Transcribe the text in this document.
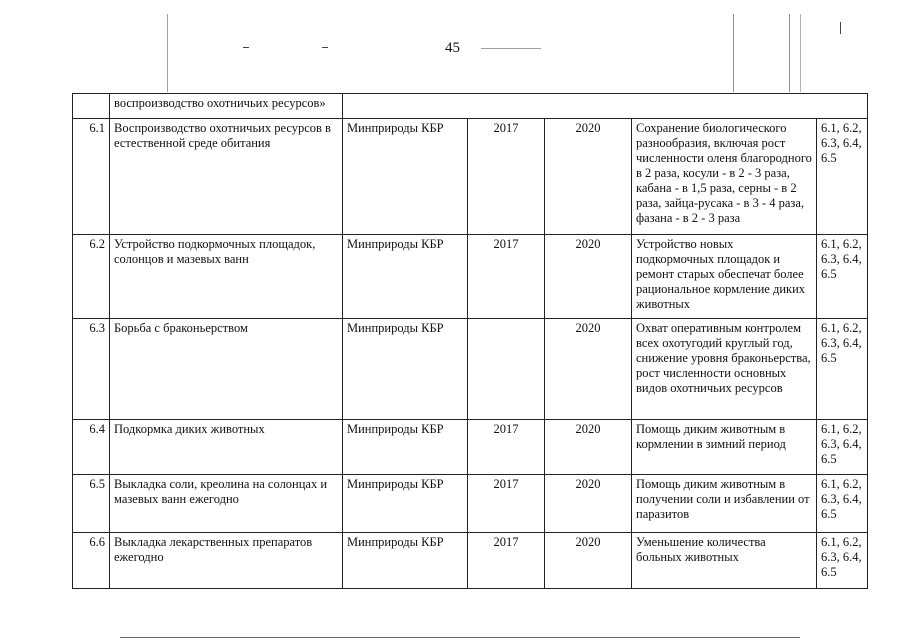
45
	воспроизводство охотничьих ресурсов»					
6.1	Воспроизводство охотничьих ресурсов в естественной среде обитания	Минприроды КБР	2017	2020	Сохранение биологического разнообразия, включая рост численности оленя благородного в 2 раза, косули - в 2 - 3 раза, кабана - в 1,5 раза, серны - в 2 раза, зайца-русака - в 3 - 4 раза, фазана - в 2 - 3 раза	6.1, 6.2, 6.3, 6.4, 6.5
6.2	Устройство подкормочных площадок, солонцов и мазевых ванн	Минприроды КБР	2017	2020	Устройство новых подкормочных площадок и ремонт старых обеспечат более рациональное кормление диких животных	6.1, 6.2, 6.3, 6.4, 6.5
6.3	Борьба с браконьерством	Минприроды КБР		2020	Охват оперативным контролем всех охотугодий круглый год, снижение уровня браконьерства, рост численности основных видов охотничьих ресурсов	6.1, 6.2, 6.3, 6.4, 6.5
6.4	Подкормка диких животных	Минприроды КБР	2017	2020	Помощь диким животным в кормлении в зимний период	6.1, 6.2, 6.3, 6.4, 6.5
6.5	Выкладка соли, креолина на солонцах и мазевых ванн ежегодно	Минприроды КБР	2017	2020	Помощь диким животным в получении соли и избавлении от паразитов	6.1, 6.2, 6.3, 6.4, 6.5
6.6	Выкладка лекарственных препаратов ежегодно	Минприроды КБР	2017	2020	Уменьшение количества больных животных	6.1, 6.2, 6.3, 6.4, 6.5
